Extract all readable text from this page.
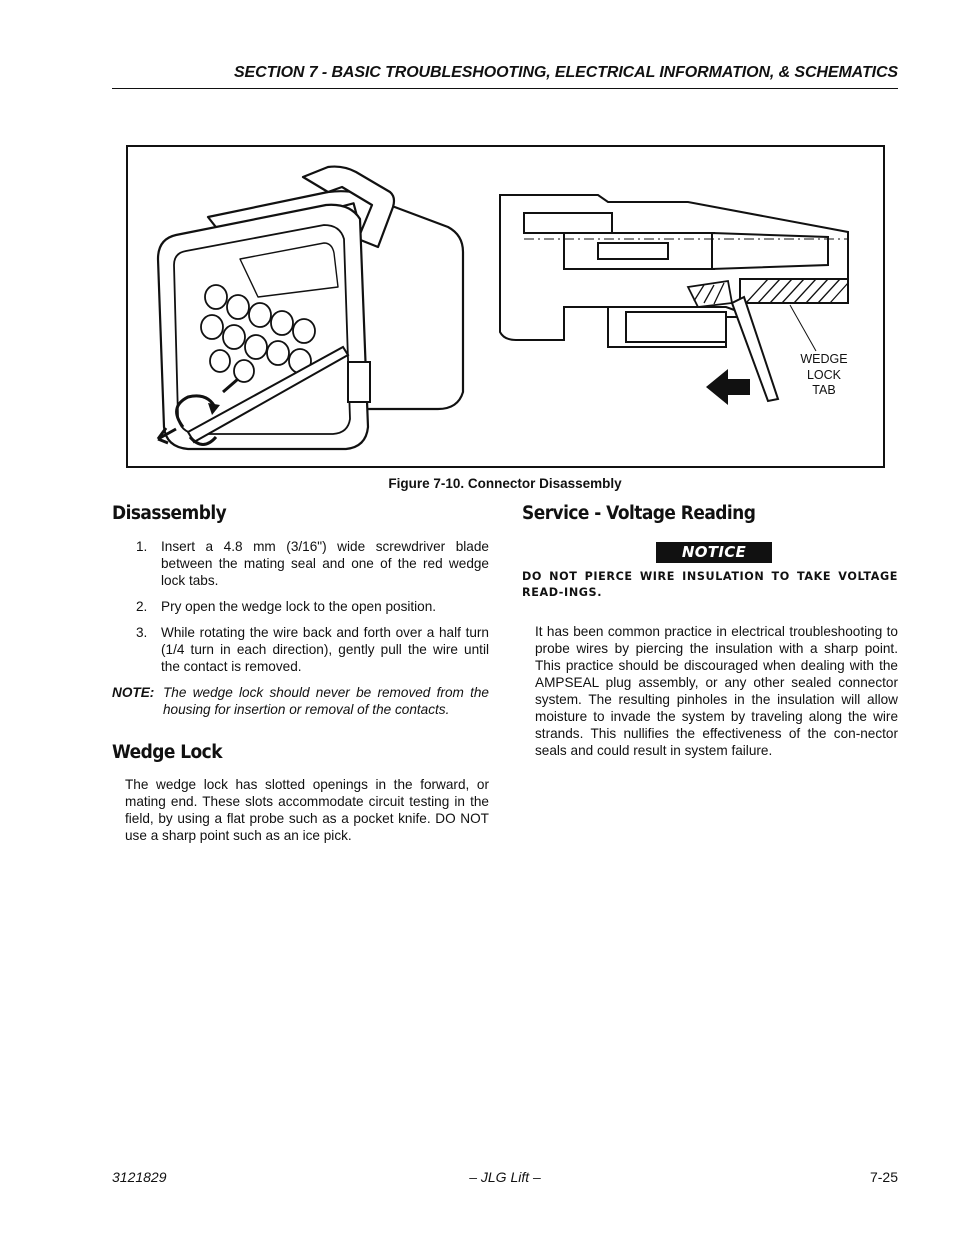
SECTION 7 - BASIC TROUBLESHOOTING, ELECTRICAL INFORMATION, & SCHEMATICS
WEDGE
LOCK
TAB
Figure 7-10. Connector Disassembly
Disassembly
1.	Insert a 4.8 mm (3/16") wide screwdriver blade between the mating seal and one of the red wedge lock tabs.
2.	Pry open the wedge lock to the open position.
3.	While rotating the wire back and forth over a half turn (1/4 turn in each direction), gently pull the wire until the contact is removed.
NOTE: The wedge lock should never be removed from the housing for insertion or removal of the contacts.
Wedge Lock

The wedge lock has slotted openings in the forward, or mating end. These slots accommodate circuit testing in the field, by using a flat probe such as a pocket knife. DO NOT use a sharp point such as an ice pick.

Service - Voltage Reading
NOTICE
DO NOT PIERCE WIRE INSULATION TO TAKE VOLTAGE READ-INGS.

It has been common practice in electrical troubleshooting to probe wires by piercing the insulation with a sharp point. This practice should be discouraged when dealing with the AMPSEAL plug assembly, or any other sealed connector system. The resulting pinholes in the insulation will allow moisture to invade the system by traveling along the wire strands. This nullifies the effectiveness of the con-nector seals and could result in system failure.

3121829	– JLG Lift –	7-25
